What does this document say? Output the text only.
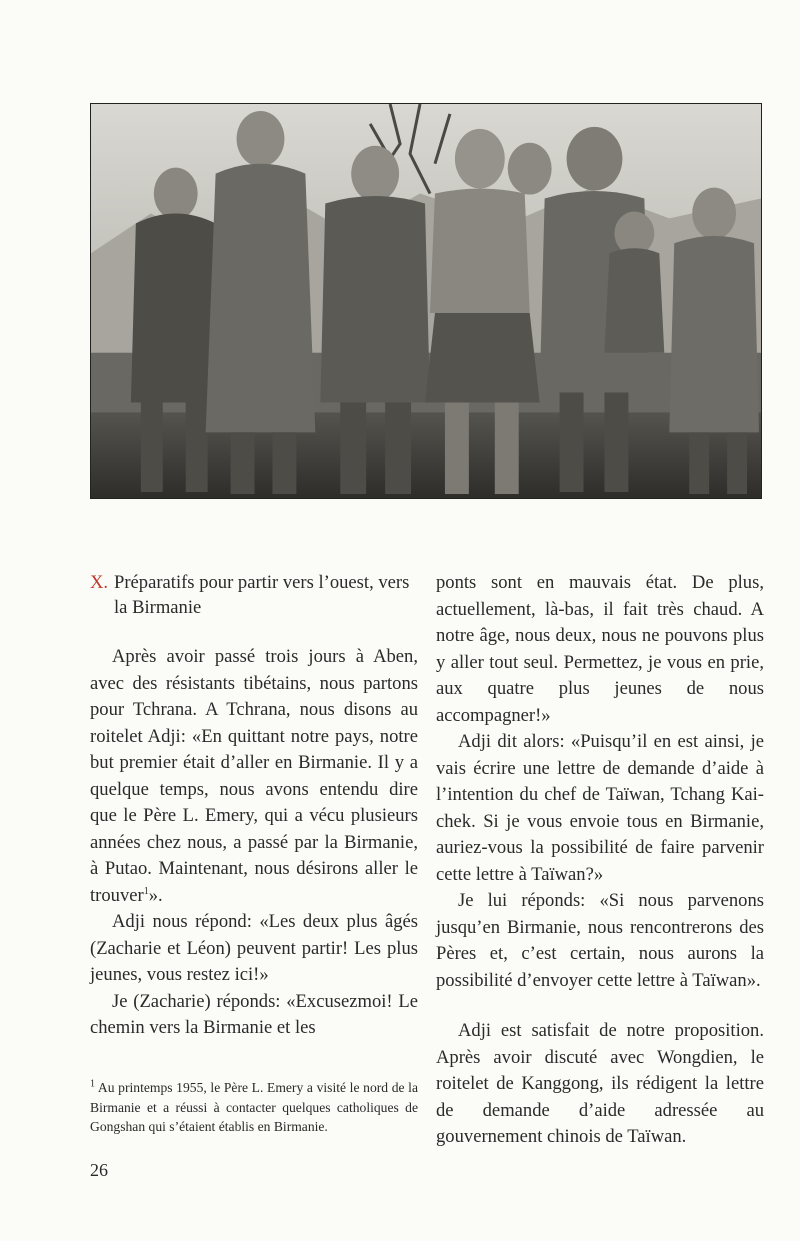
X. Préparatifs pour partir vers l’ouest, vers la Birmanie

Après avoir passé trois jours à Aben, avec des résistants tibétains, nous partons pour Tchrana. A Tchrana, nous disons au roitelet Adji: «En quittant notre pays, notre but premier était d’aller en Birmanie. Il y a quelque temps, nous avons entendu dire que le Père L. Emery, qui a vécu plusieurs années chez nous, a passé par la Birmanie, à Putao. Maintenant, nous désirons aller le trouver$^1$».

Adji nous répond: «Les deux plus âgés (Zacharie et Léon) peuvent partir! Les plus jeunes, vous restez ici!»

Je (Zacharie) réponds: «Excusezmoi! Le chemin vers la Birmanie et les

ponts sont en mauvais état. De plus, actuellement, là-bas, il fait très chaud. A notre âge, nous deux, nous ne pouvons plus y aller tout seul. Permettez, je vous en prie, aux quatre plus jeunes de nous accompagner!»

Adji dit alors: «Puisqu’il en est ainsi, je vais écrire une lettre de demande d’aide à l’intention du chef de Taïwan, Tchang Kai-chek. Si je vous envoie tous en Birmanie, auriez-vous la possibilité de faire parvenir cette lettre à Taïwan?»

Je lui réponds: «Si nous parvenons jusqu’en Birmanie, nous rencontrerons des Pères et, c’est certain, nous aurons la possibilité d’envoyer cette lettre à Taïwan».

Adji est satisfait de notre proposition. Après avoir discuté avec Wongdien, le roitelet de Kanggong, ils rédigent la lettre de demande d’aide adressée au gouvernement chinois de Taïwan.

$^1$ Au printemps 1955, le Père L. Emery a visité le nord de la Birmanie et a réussi à contacter quelques catholiques de Gongshan qui s’étaient établis en Birmanie.
26
